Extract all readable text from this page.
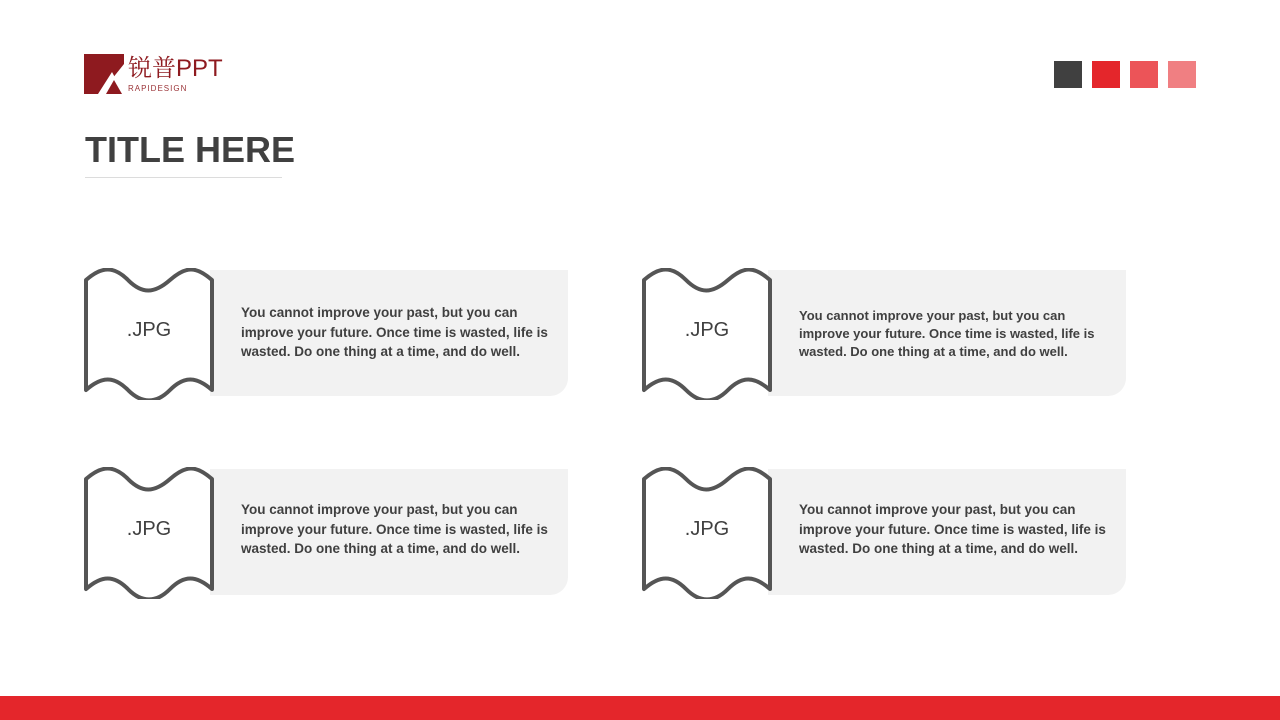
锐普PPT
RAPIDESIGN
TITLE HERE
.JPG
You cannot improve your past, but you can improve your future. Once time is wasted, life is wasted. Do one thing at a time, and do well.
.JPG
You cannot improve your past, but you can improve your future. Once time is wasted, life is wasted. Do one thing at a time, and do well.
.JPG
You cannot improve your past, but you can improve your future. Once time is wasted, life is wasted. Do one thing at a time, and do well.
.JPG
You cannot improve your past, but you can improve your future. Once time is wasted, life is wasted. Do one thing at a time, and do well.
